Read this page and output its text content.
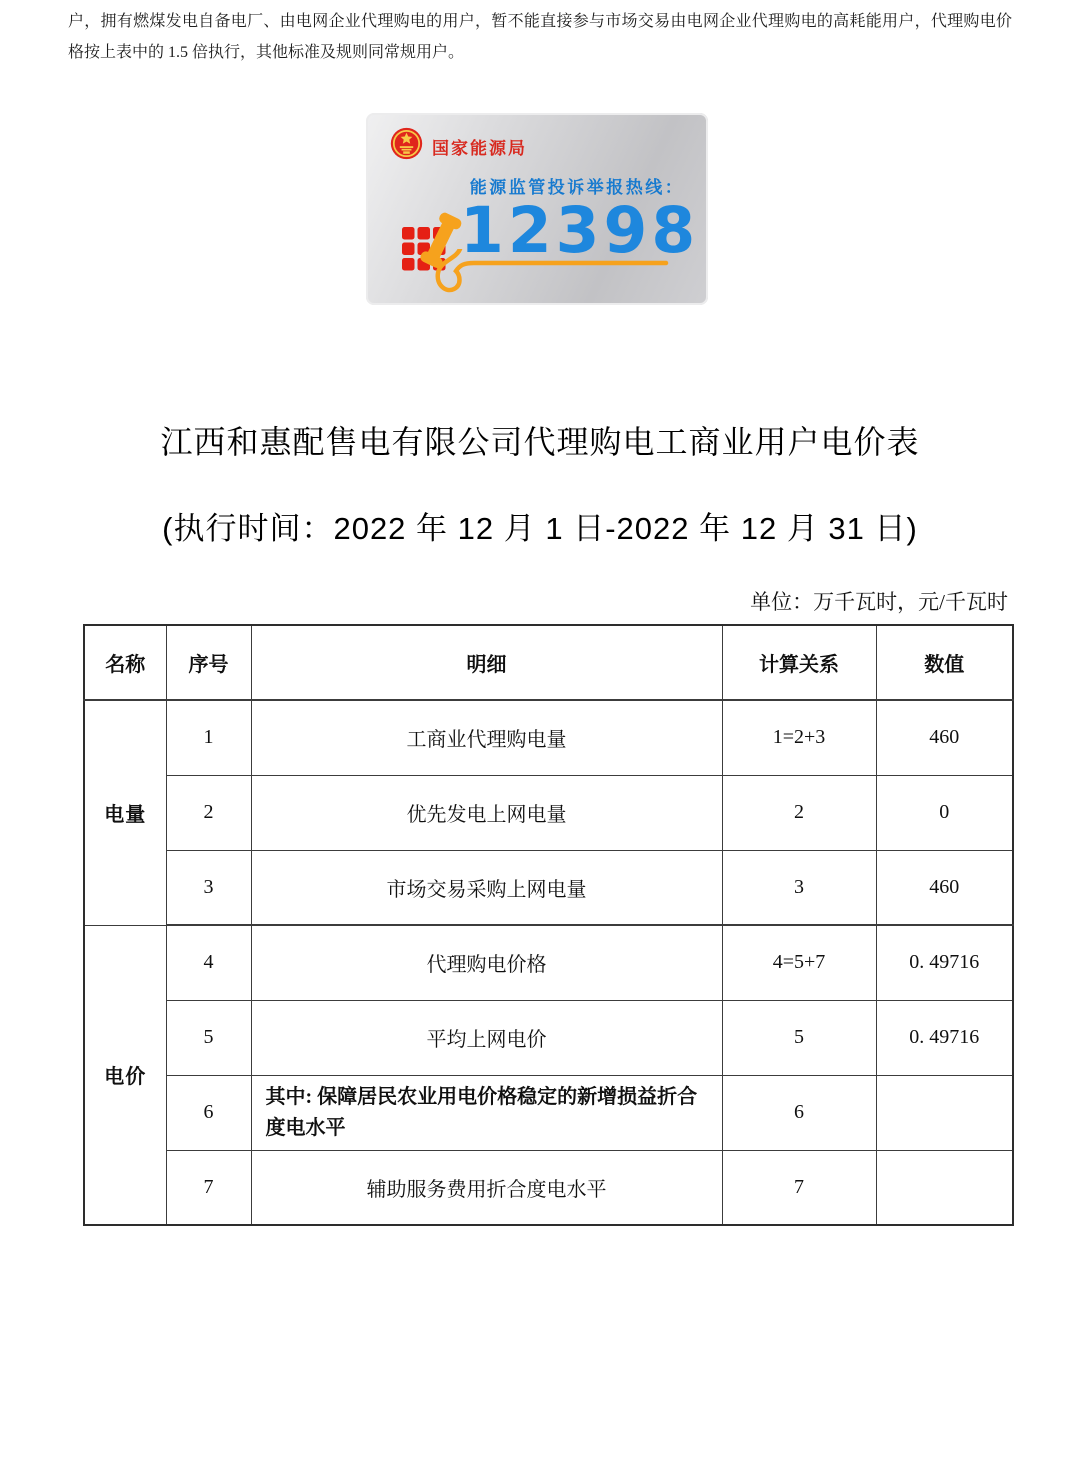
户，拥有燃煤发电自备电厂、由电网企业代理购电的用户，暂不能直接参与市场交易由电网企业代理购电的高耗能用户，代理购电价
格按上表中的 1.5 倍执行，其他标准及规则同常规用户。
国家能源局
能源监管投诉举报热线：
12398
江西和惠配售电有限公司代理购电工商业用户电价表
(执行时间：2022 年 12 月 1 日-2022 年 12 月 31 日)
单位：万千瓦时，元/千瓦时
名称	序号	明细	计算关系	数值
电量	1	工商业代理购电量	1=2+3	460
	2	优先发电上网电量	2	0
	3	市场交易采购上网电量	3	460
电价	4	代理购电价格	4=5+7	0. 49716
	5	平均上网电价	5	0. 49716
	6	其中: 保障居民农业用电价格稳定的新增损益折合度电水平	6	
	7	辅助服务费用折合度电水平	7	
